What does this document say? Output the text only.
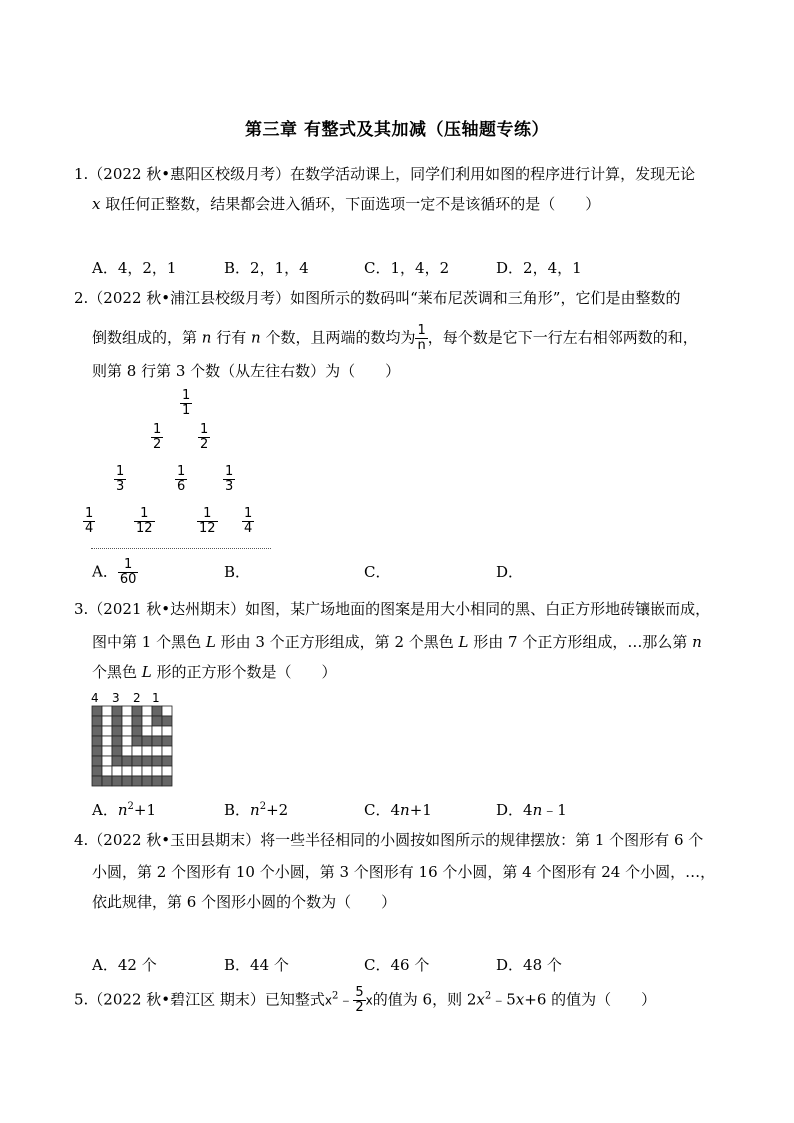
第三章 有整式及其加减（压轴题专练）
1.（2022 秋•惠阳区校级月考）在数学活动课上，同学们利用如图的程序进行计算，发现无论
x 取任何正整数，结果都会进入循环，下面选项一定不是该循环的是（　　）
A．4，2，1	B．2，1，4	C．1，4，2	D．2，4，1
2.（2022 秋•浦江县校级月考）如图所示的数码叫“莱布尼茨调和三角形”，它们是由整数的
倒数组成的，第 n 行有 n 个数，且两端的数均为 $\frac{1}{n}$ ，每个数是它下一行左右相邻两数的和，
则第 8 行第 3 个数（从左往右数）为（　　）
$\frac{1}{1}$
$\frac{1}{2}$	$\frac{1}{2}$
$\frac{1}{3}$	$\frac{1}{6}$	$\frac{1}{3}$
$\frac{1}{4}$	$\frac{1}{12}$	$\frac{1}{12} \frac{1}{4}$
A． $\frac{1}{60}$	B．	C．	D．
3.（2021 秋•达州期末）如图，某广场地面的图案是用大小相同的黑、白正方形地砖镶嵌而成，
图中第 1 个黑色 L 形由 3 个正方形组成，第 2 个黑色 L 形由 7 个正方形组成，…那么第 n
个黑色 L 形的正方形个数是（　　）
4 3 2 1
A．$n^2+1$	B．$n^2+2$	C．4n+1	D．4n﹣1
4.（2022 秋•玉田县期末）将一些半径相同的小圆按如图所示的规律摆放：第 1 个图形有 6 个
小圆，第 2 个图形有 10 个小圆，第 3 个图形有 16 个小圆，第 4 个图形有 24 个小圆，…，
依此规律，第 6 个图形小圆的个数为（　　）
A．42 个	B．44 个	C．46 个	D．48 个
5.（2022 秋•碧江区 期末）已知整式$x^2﹣ \frac{5}{2}$ x的值为 6，则 $2x^2﹣5x+6$ 的值为（　　）
